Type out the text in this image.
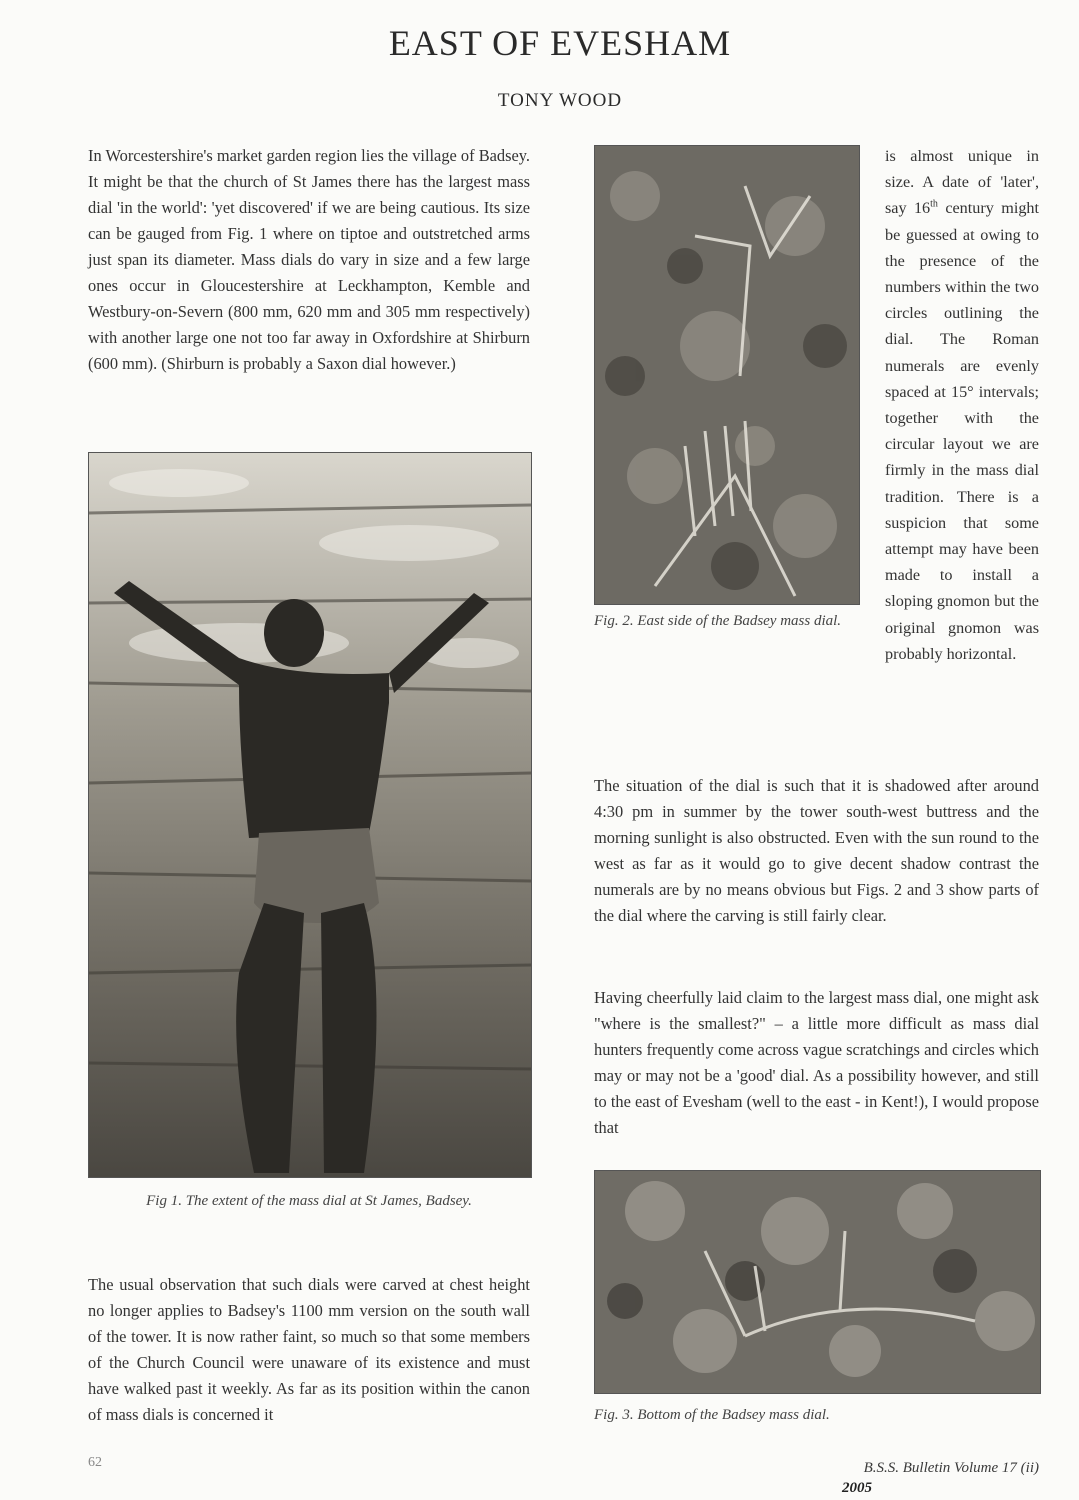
EAST OF EVESHAM
TONY WOOD
In Worcestershire's market garden region lies the village of Badsey. It might be that the church of St James there has the largest mass dial 'in the world': 'yet discovered' if we are being cautious. Its size can be gauged from Fig. 1 where on tiptoe and outstretched arms just span its diameter. Mass dials do vary in size and a few large ones occur in Gloucestershire at Leckhampton, Kemble and Westbury-on-Severn (800 mm, 620 mm and 305 mm respectively) with another large one not too far away in Oxfordshire at Shirburn (600 mm). (Shirburn is probably a Saxon dial however.)
Fig 1. The extent of the mass dial at St James, Badsey.
The usual observation that such dials were carved at chest height no longer applies to Badsey's 1100 mm version on the south wall of the tower. It is now rather faint, so much so that some members of the Church Council were unaware of its existence and must have walked past it weekly. As far as its position within the canon of mass dials is concerned it
Fig. 2. East side of the Badsey mass dial.
is almost unique in size. A date of 'later', say 16th century might be guessed at owing to the presence of the numbers within the two circles outlining the dial. The Roman numerals are evenly spaced at 15° intervals; together with the circular layout we are firmly in the mass dial tradition. There is a suspicion that some attempt may have been made to install a sloping gnomon but the original gnomon was probably horizontal.
The situation of the dial is such that it is shadowed after around 4:30 pm in summer by the tower south-west buttress and the morning sunlight is also obstructed. Even with the sun round to the west as far as it would go to give decent shadow contrast the numerals are by no means obvious but Figs. 2 and 3 show parts of the dial where the carving is still fairly clear.
Having cheerfully laid claim to the largest mass dial, one might ask "where is the smallest?" – a little more difficult as mass dial hunters frequently come across vague scratchings and circles which may or may not be a 'good' dial. As a possibility however, and still to the east of Evesham (well to the east - in Kent!), I would propose that
Fig. 3. Bottom of the Badsey mass dial.
62	B.S.S. Bulletin Volume 17 (ii)
2005
